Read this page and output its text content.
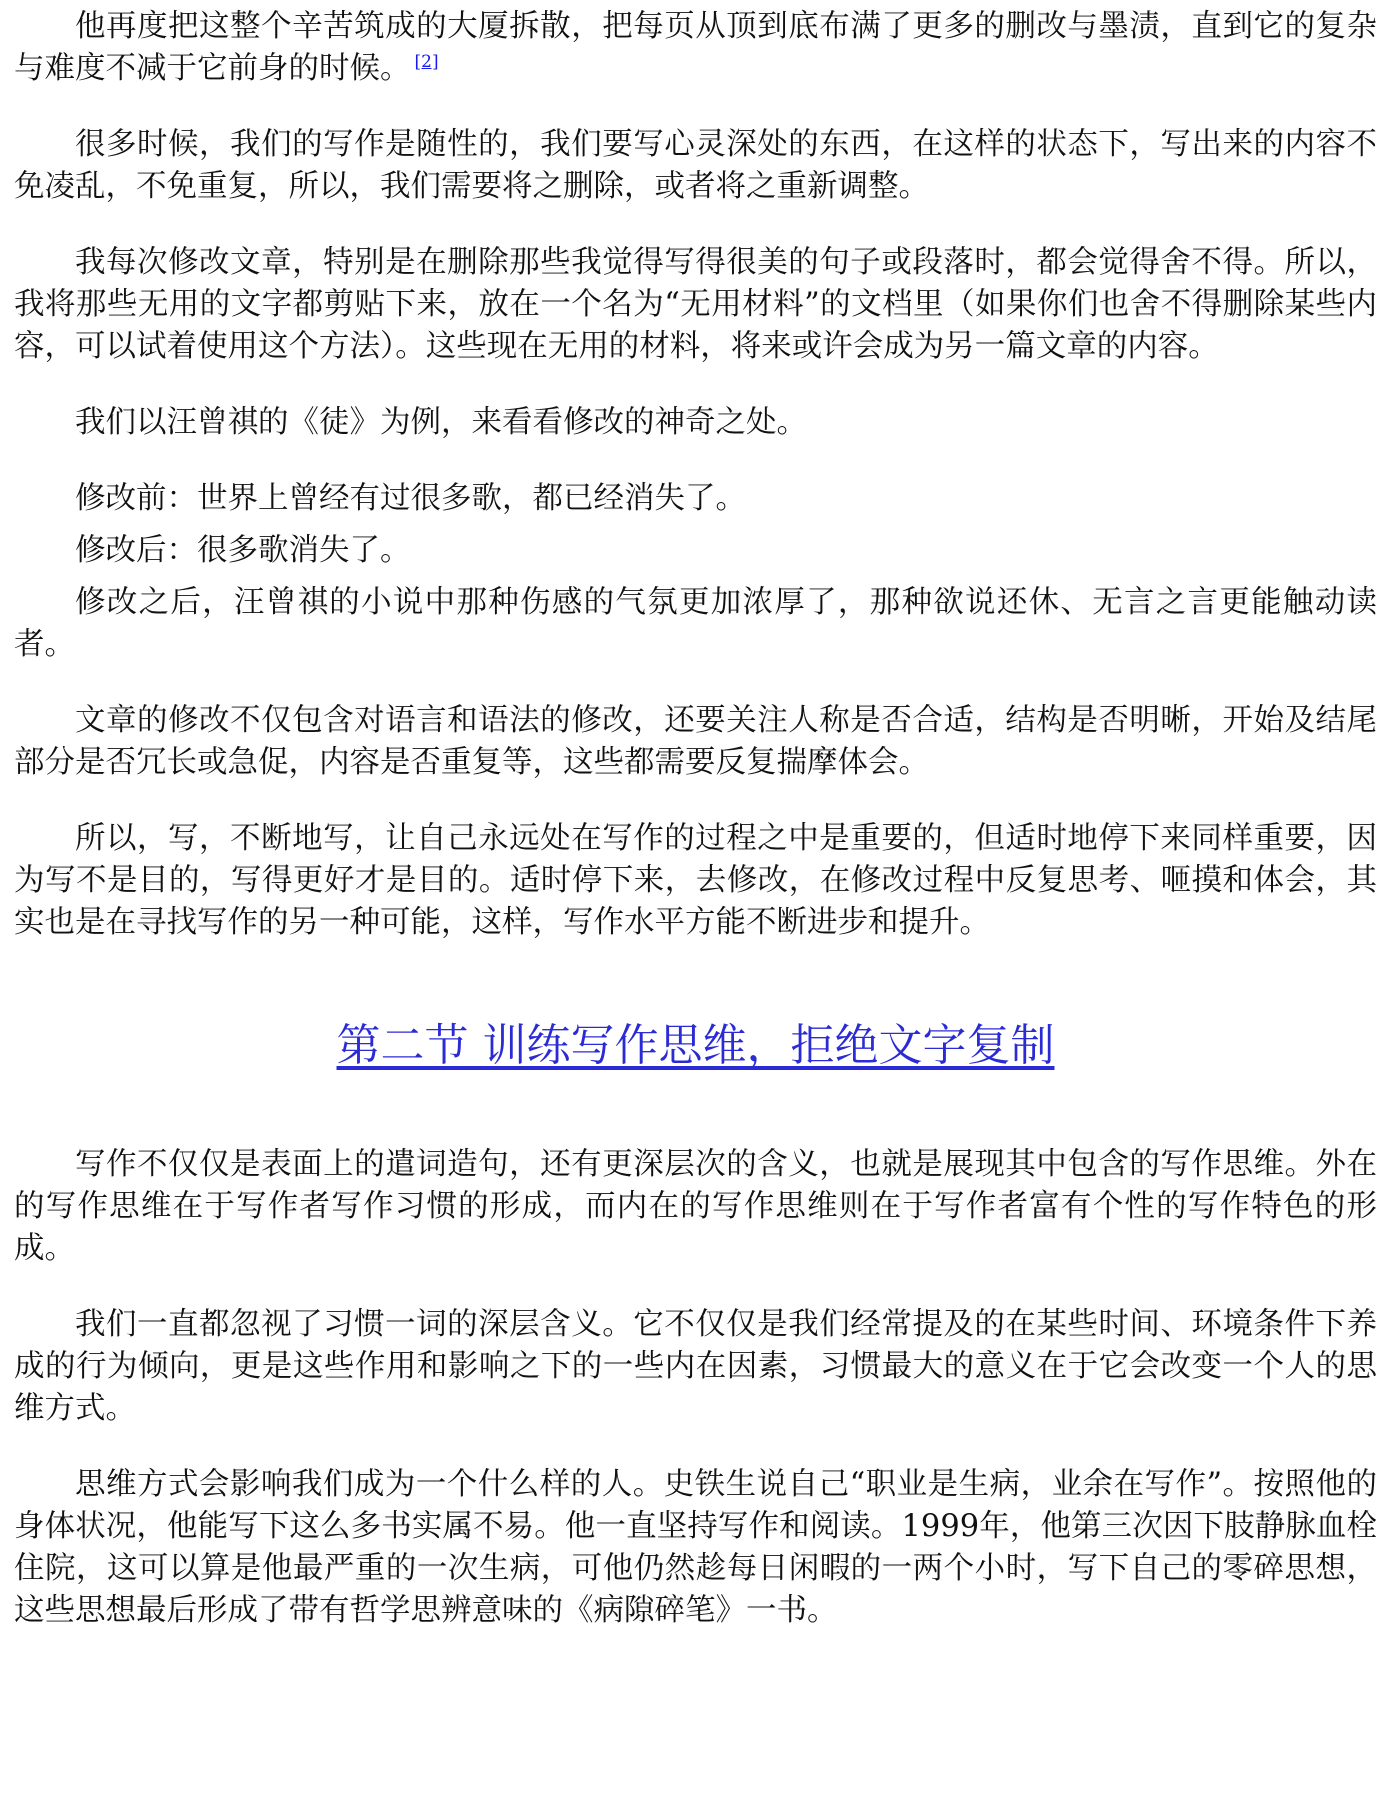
他再度把这整个辛苦筑成的大厦拆散，把每页从顶到底布满了更多的删改与墨渍，直到它的复杂与难度不减于它前身的时候。 [2]

很多时候，我们的写作是随性的，我们要写心灵深处的东西，在这样的状态下，写出来的内容不免凌乱，不免重复，所以，我们需要将之删除，或者将之重新调整。

我每次修改文章，特别是在删除那些我觉得写得很美的句子或段落时，都会觉得舍不得。所以，我将那些无用的文字都剪贴下来，放在一个名为“无用材料”的文档里（如果你们也舍不得删除某些内容，可以试着使用这个方法）。这些现在无用的材料，将来或许会成为另一篇文章的内容。

我们以汪曾祺的《徒》为例，来看看修改的神奇之处。

修改前：世界上曾经有过很多歌，都已经消失了。

修改后：很多歌消失了。

修改之后，汪曾祺的小说中那种伤感的气氛更加浓厚了，那种欲说还休、无言之言更能触动读者。

文章的修改不仅包含对语言和语法的修改，还要关注人称是否合适，结构是否明晰，开始及结尾部分是否冗长或急促，内容是否重复等，这些都需要反复揣摩体会。

所以，写，不断地写，让自己永远处在写作的过程之中是重要的，但适时地停下来同样重要，因为写不是目的，写得更好才是目的。适时停下来，去修改，在修改过程中反复思考、咂摸和体会，其实也是在寻找写作的另一种可能，这样，写作水平方能不断进步和提升。

第二节 训练写作思维，拒绝文字复制

写作不仅仅是表面上的遣词造句，还有更深层次的含义，也就是展现其中包含的写作思维。外在的写作思维在于写作者写作习惯的形成，而内在的写作思维则在于写作者富有个性的写作特色的形成。

我们一直都忽视了习惯一词的深层含义。它不仅仅是我们经常提及的在某些时间、环境条件下养成的行为倾向，更是这些作用和影响之下的一些内在因素，习惯最大的意义在于它会改变一个人的思维方式。

思维方式会影响我们成为一个什么样的人。史铁生说自己“职业是生病，业余在写作”。按照他的身体状况，他能写下这么多书实属不易。他一直坚持写作和阅读。1999年，他第三次因下肢静脉血栓住院，这可以算是他最严重的一次生病，可他仍然趁每日闲暇的一两个小时，写下自己的零碎思想，这些思想最后形成了带有哲学思辨意味的《病隙碎笔》一书。
